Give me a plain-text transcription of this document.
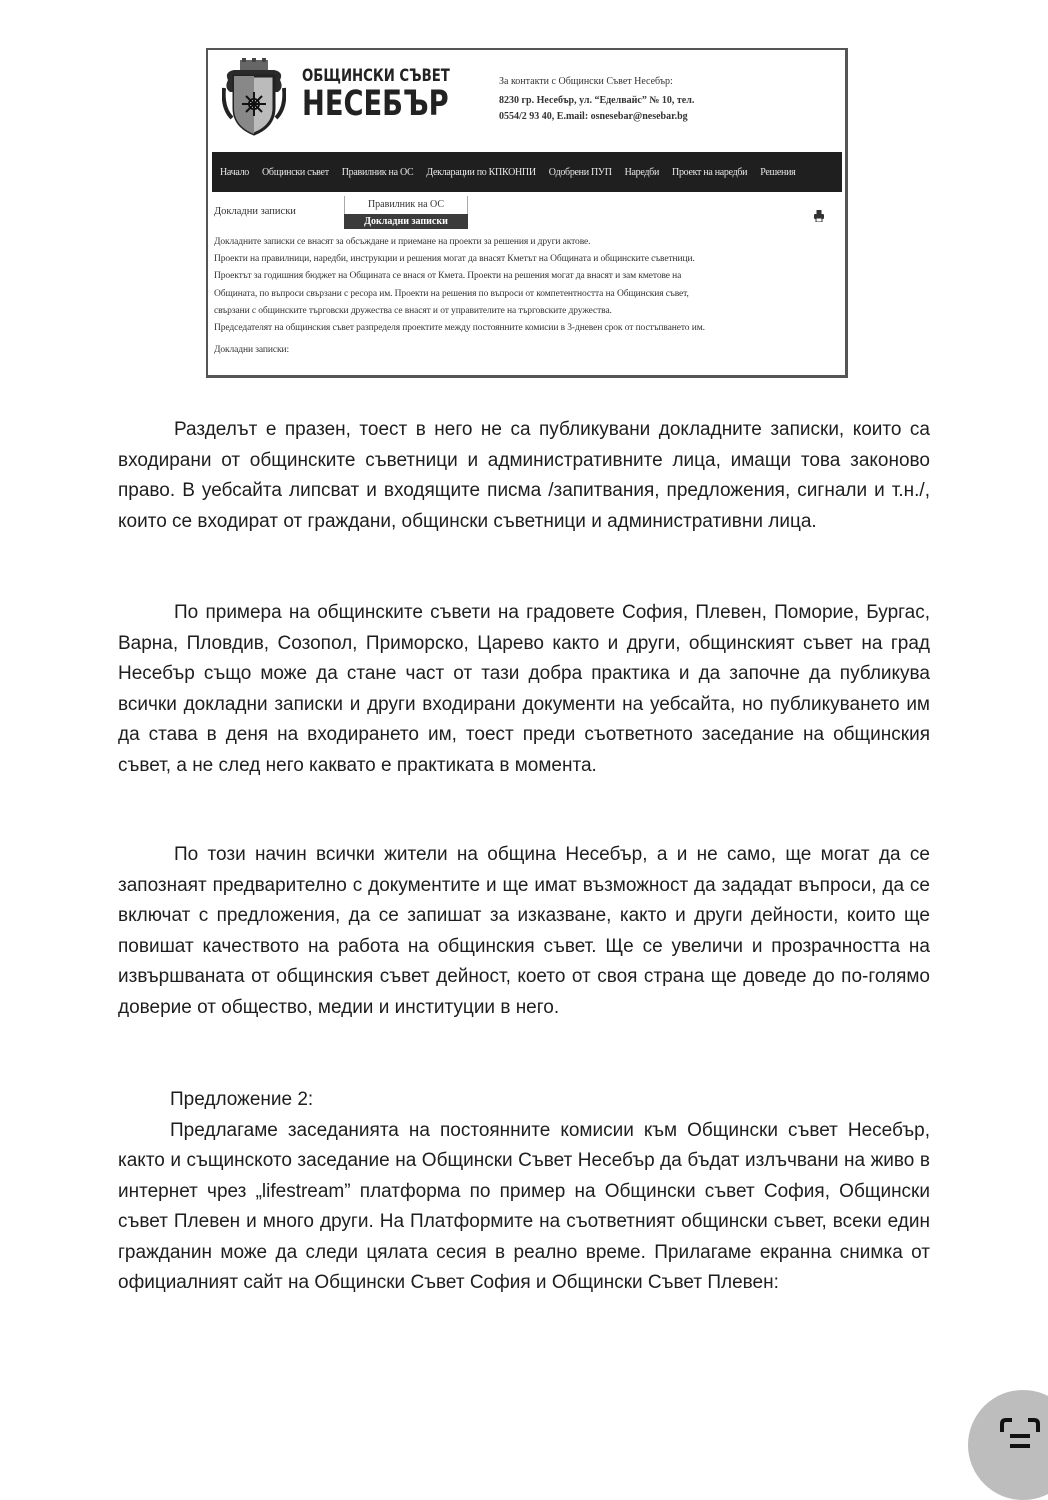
ОБЩИНСКИ СЪВЕТ
НЕСЕБЪР
За контакти с Общински Съвет Несебър:
8230 гр. Несебър, ул. “Еделвайс” № 10, тел.
0554/2 93 40, E.mail: osnesebar@nesebar.bg
Начало Общински съвет Правилник на ОС Декларации по КПКОНПИ Одобрени ПУП Наредби Проект на наредби Решения
Докладни записки
Правилник на ОС
Докладни записки
Докладните записки се внасят за обсъждане и приемане на проекти за решения и други актове.
Проекти на правилници, наредби, инструкции и решения могат да внасят Кметът на Общината и общинските съветници.
Проектът за годишния бюджет на Общината се внася от Кмета. Проекти на решения могат да внасят и зам кметове на
Общината, по въпроси свързани с ресора им. Проекти на решения по въпроси от компетентността на Общинския съвет,
свързани с общинските търговски дружества се внасят и от управителите на търговските дружества.
Председателят на общинския съвет разпределя проектите между постоянните комисии в 3-дневен срок от постъпването им.
Докладни записки:

Разделът е празен, тоест в него не са публикувани докладните записки, които са входирани от общинските съветници и административните лица, имащи това законово право. В уебсайта липсват и входящите писма /запитвания, предложения, сигнали и т.н./, които се входират от граждани, общински съветници и административни лица.

По примера на общинските съвети на градовете София, Плевен, Поморие, Бургас, Варна, Пловдив, Созопол, Приморско, Царево както и други, общинският съвет на град Несебър също може да стане част от тази добра практика и да започне да публикува всички докладни записки и други входирани документи на уебсайта, но публикуването им да става в деня на входирането им, тоест преди съответното заседание на общинския съвет, а не след него каквато е практиката в момента.

По този начин всички жители на община Несебър, а и не само, ще могат да се запознаят предварително с документите и ще имат възможност да зададат въпроси, да се включат с предложения, да се запишат за изказване, както и други дейности, които ще повишат качеството на работа на общинския съвет. Ще се увеличи и прозрачността на извършваната от общинския съвет дейност, което от своя страна ще доведе до по-голямо доверие от общество, медии и институции в него.

Предложение 2:

Предлагаме заседанията на постоянните комисии към Общински съвет Несебър, както и същинското заседание на Общински Съвет Несебър да бъдат излъчвани на живо в интернет чрез „lifestream” платформа по пример на Общински съвет София, Общински съвет Плевен и много други. На Платформите на съответният общински съвет, всеки един гражданин може да следи цялата сесия в реално време. Прилагаме екранна снимка от официалният сайт на Общински Съвет София и Общински Съвет Плевен:
